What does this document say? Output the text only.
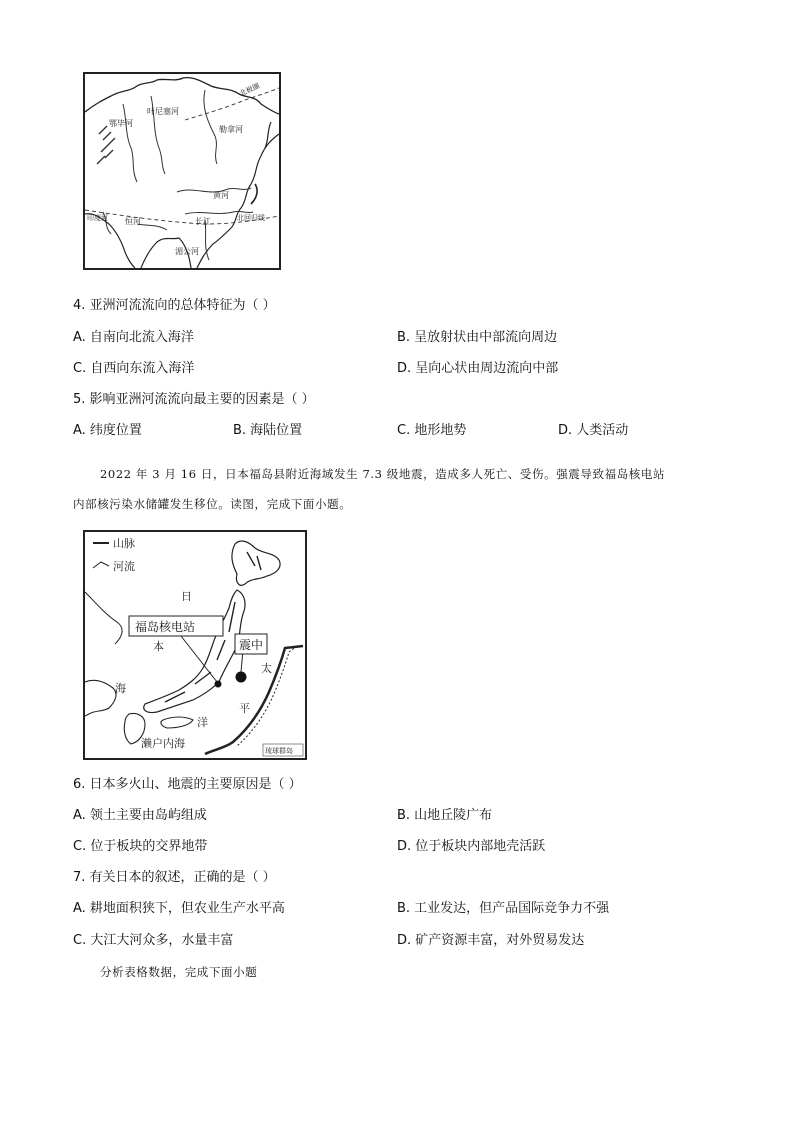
叶尼塞河
鄂毕河
勒拿河
黄河
长江
印度河 恒河
湄公河
北极圈
北回归线
4. 亚洲河流流向的总体特征为（ ）
A. 自南向北流入海洋	B. 呈放射状由中部流向周边
C. 自西向东流入海洋	D. 呈向心状由周边流向中部
5. 影响亚洲河流流向最主要的因素是（ ）
A. 纬度位置	B. 海陆位置	C. 地形地势	D. 人类活动
2022 年 3 月 16 日，日本福岛县附近海域发生 7.3 级地震，造成多人死亡、受伤。强震导致福岛核电站
内部核污染水储罐发生移位。读图，完成下面小题。
山脉
河流
福岛核电站
震中
日
本
海
太
平
洋
濑户内海
琉球群岛
6. 日本多火山、地震的主要原因是（ ）
A. 领土主要由岛屿组成	B. 山地丘陵广布
C. 位于板块的交界地带	D. 位于板块内部地壳活跃
7. 有关日本的叙述，正确的是（ ）
A. 耕地面积狭下，但农业生产水平高	B. 工业发达，但产品国际竞争力不强
C. 大江大河众多，水量丰富	D. 矿产资源丰富，对外贸易发达
分析表格数据，完成下面小题
